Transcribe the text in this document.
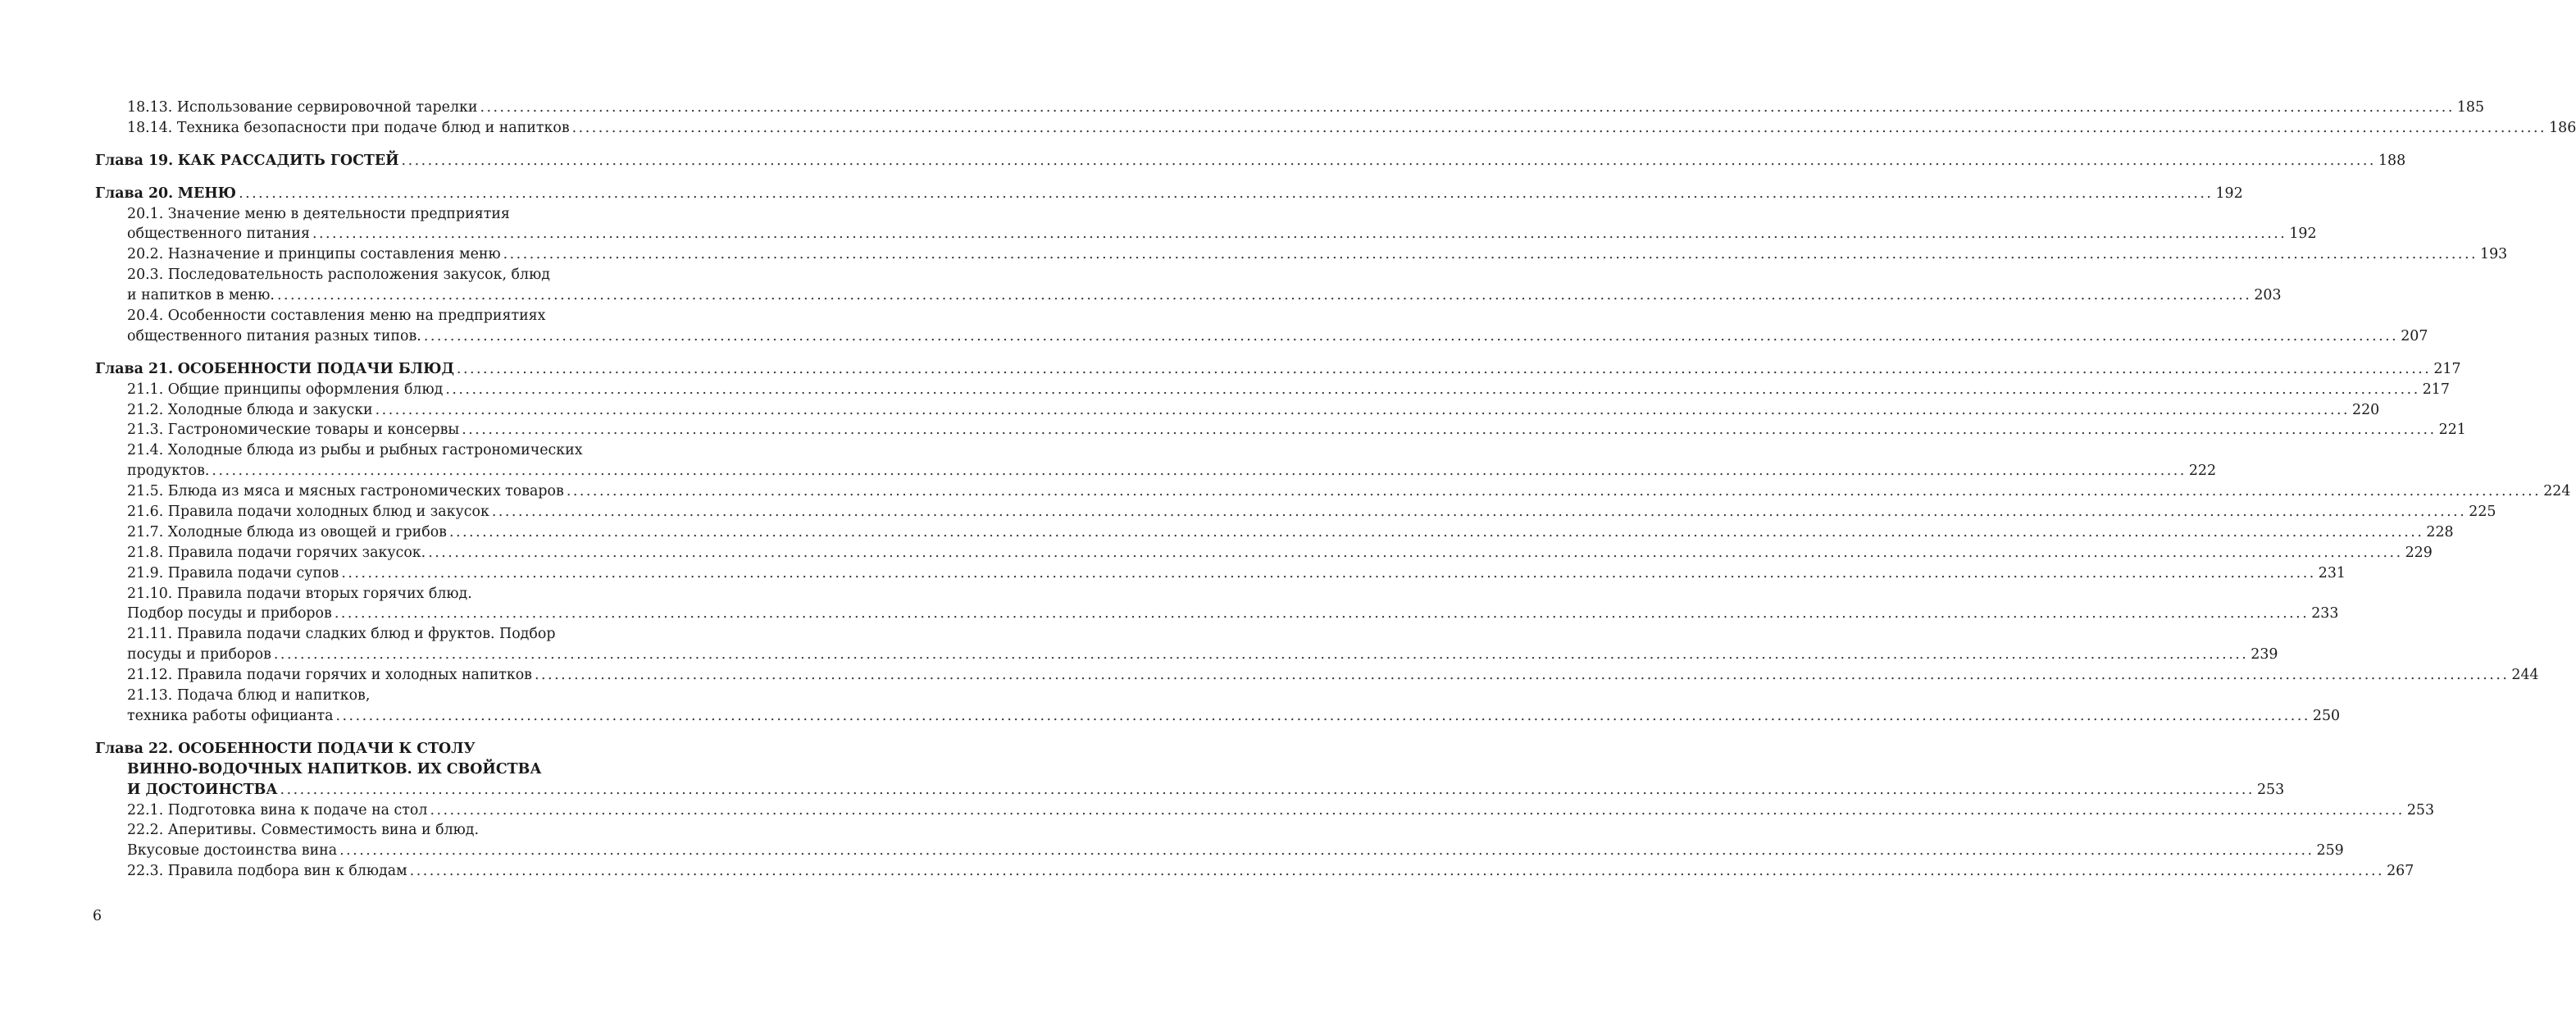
18.13. Использование сервировочной тарелки ............................................................................................................................................................................................................................................................................................................ 185
18.14. Техника безопасности при подаче блюд и напитков ............................................................................................................................................................................................................................................................................................................ 186
Глава 19. КАК РАССАДИТЬ ГОСТЕЙ ............................................................................................................................................................................................................................................................................................................ 188
Глава 20. МЕНЮ ............................................................................................................................................................................................................................................................................................................ 192
20.1. Значение меню в деятельности предприятия
общественного питания ............................................................................................................................................................................................................................................................................................................ 192
20.2. Назначение и принципы составления меню ............................................................................................................................................................................................................................................................................................................ 193
20.3. Последовательность расположения закусок, блюд
и напитков в меню. ............................................................................................................................................................................................................................................................................................................ 203
20.4. Особенности составления меню на предприятиях
общественного питания разных типов. ............................................................................................................................................................................................................................................................................................................ 207
Глава 21. ОСОБЕННОСТИ ПОДАЧИ БЛЮД ............................................................................................................................................................................................................................................................................................................ 217
21.1. Общие принципы оформления блюд ............................................................................................................................................................................................................................................................................................................ 217
21.2. Холодные блюда и закуски ............................................................................................................................................................................................................................................................................................................ 220
21.3. Гастрономические товары и консервы ............................................................................................................................................................................................................................................................................................................ 221
21.4. Холодные блюда из рыбы и рыбных гастрономических
продуктов. ............................................................................................................................................................................................................................................................................................................ 222
21.5. Блюда из мяса и мясных гастрономических товаров ............................................................................................................................................................................................................................................................................................................ 224
21.6. Правила подачи холодных блюд и закусок ............................................................................................................................................................................................................................................................................................................ 225
21.7. Холодные блюда из овощей и грибов ............................................................................................................................................................................................................................................................................................................ 228
21.8. Правила подачи горячих закусок. ............................................................................................................................................................................................................................................................................................................ 229
21.9. Правила подачи супов ............................................................................................................................................................................................................................................................................................................ 231
21.10. Правила подачи вторых горячих блюд.
Подбор посуды и приборов ............................................................................................................................................................................................................................................................................................................ 233
21.11. Правила подачи сладких блюд и фруктов. Подбор
посуды и приборов ............................................................................................................................................................................................................................................................................................................ 239
21.12. Правила подачи горячих и холодных напитков ............................................................................................................................................................................................................................................................................................................ 244
21.13. Подача блюд и напитков,
техника работы официанта ............................................................................................................................................................................................................................................................................................................ 250
Глава 22. ОСОБЕННОСТИ ПОДАЧИ К СТОЛУ
ВИННО-ВОДОЧНЫХ НАПИТКОВ. ИХ СВОЙСТВА
И ДОСТОИНСТВА ............................................................................................................................................................................................................................................................................................................ 253
22.1. Подготовка вина к подаче на стол ............................................................................................................................................................................................................................................................................................................ 253
22.2. Аперитивы. Совместимость вина и блюд.
Вкусовые достоинства вина ............................................................................................................................................................................................................................................................................................................ 259
22.3. Правила подбора вин к блюдам ............................................................................................................................................................................................................................................................................................................ 267
6
